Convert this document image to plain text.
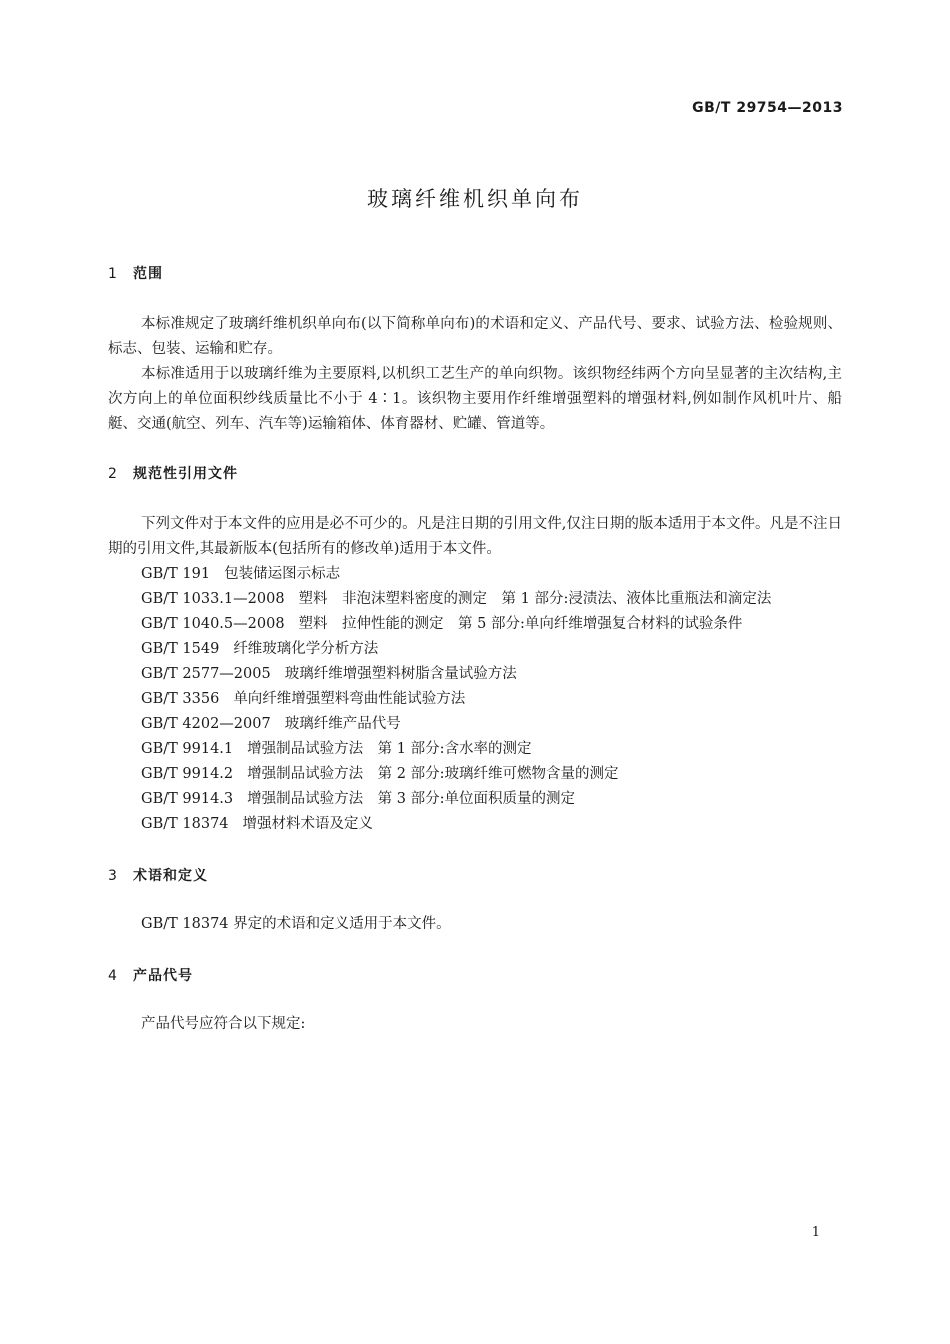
GB/T 29754—2013
玻璃纤维机织单向布
1 范围
本标准规定了玻璃纤维机织单向布(以下简称单向布)的术语和定义、产品代号、要求、试验方法、检验规则、标志、包装、运输和贮存。
本标准适用于以玻璃纤维为主要原料,以机织工艺生产的单向织物。该织物经纬两个方向呈显著的主次结构,主次方向上的单位面积纱线质量比不小于 4∶1。该织物主要用作纤维增强塑料的增强材料,例如制作风机叶片、船艇、交通(航空、列车、汽车等)运输箱体、体育器材、贮罐、管道等。
2 规范性引用文件
下列文件对于本文件的应用是必不可少的。凡是注日期的引用文件,仅注日期的版本适用于本文件。凡是不注日期的引用文件,其最新版本(包括所有的修改单)适用于本文件。
GB/T 191 包装储运图示标志
GB/T 1033.1—2008 塑料　非泡沫塑料密度的测定　第 1 部分:浸渍法、液体比重瓶法和滴定法
GB/T 1040.5—2008 塑料　拉伸性能的测定　第 5 部分:单向纤维增强复合材料的试验条件
GB/T 1549 纤维玻璃化学分析方法
GB/T 2577—2005 玻璃纤维增强塑料树脂含量试验方法
GB/T 3356 单向纤维增强塑料弯曲性能试验方法
GB/T 4202—2007 玻璃纤维产品代号
GB/T 9914.1 增强制品试验方法　第 1 部分:含水率的测定
GB/T 9914.2 增强制品试验方法　第 2 部分:玻璃纤维可燃物含量的测定
GB/T 9914.3 增强制品试验方法　第 3 部分:单位面积质量的测定
GB/T 18374 增强材料术语及定义
3 术语和定义
GB/T 18374 界定的术语和定义适用于本文件。
4 产品代号
产品代号应符合以下规定:
1
